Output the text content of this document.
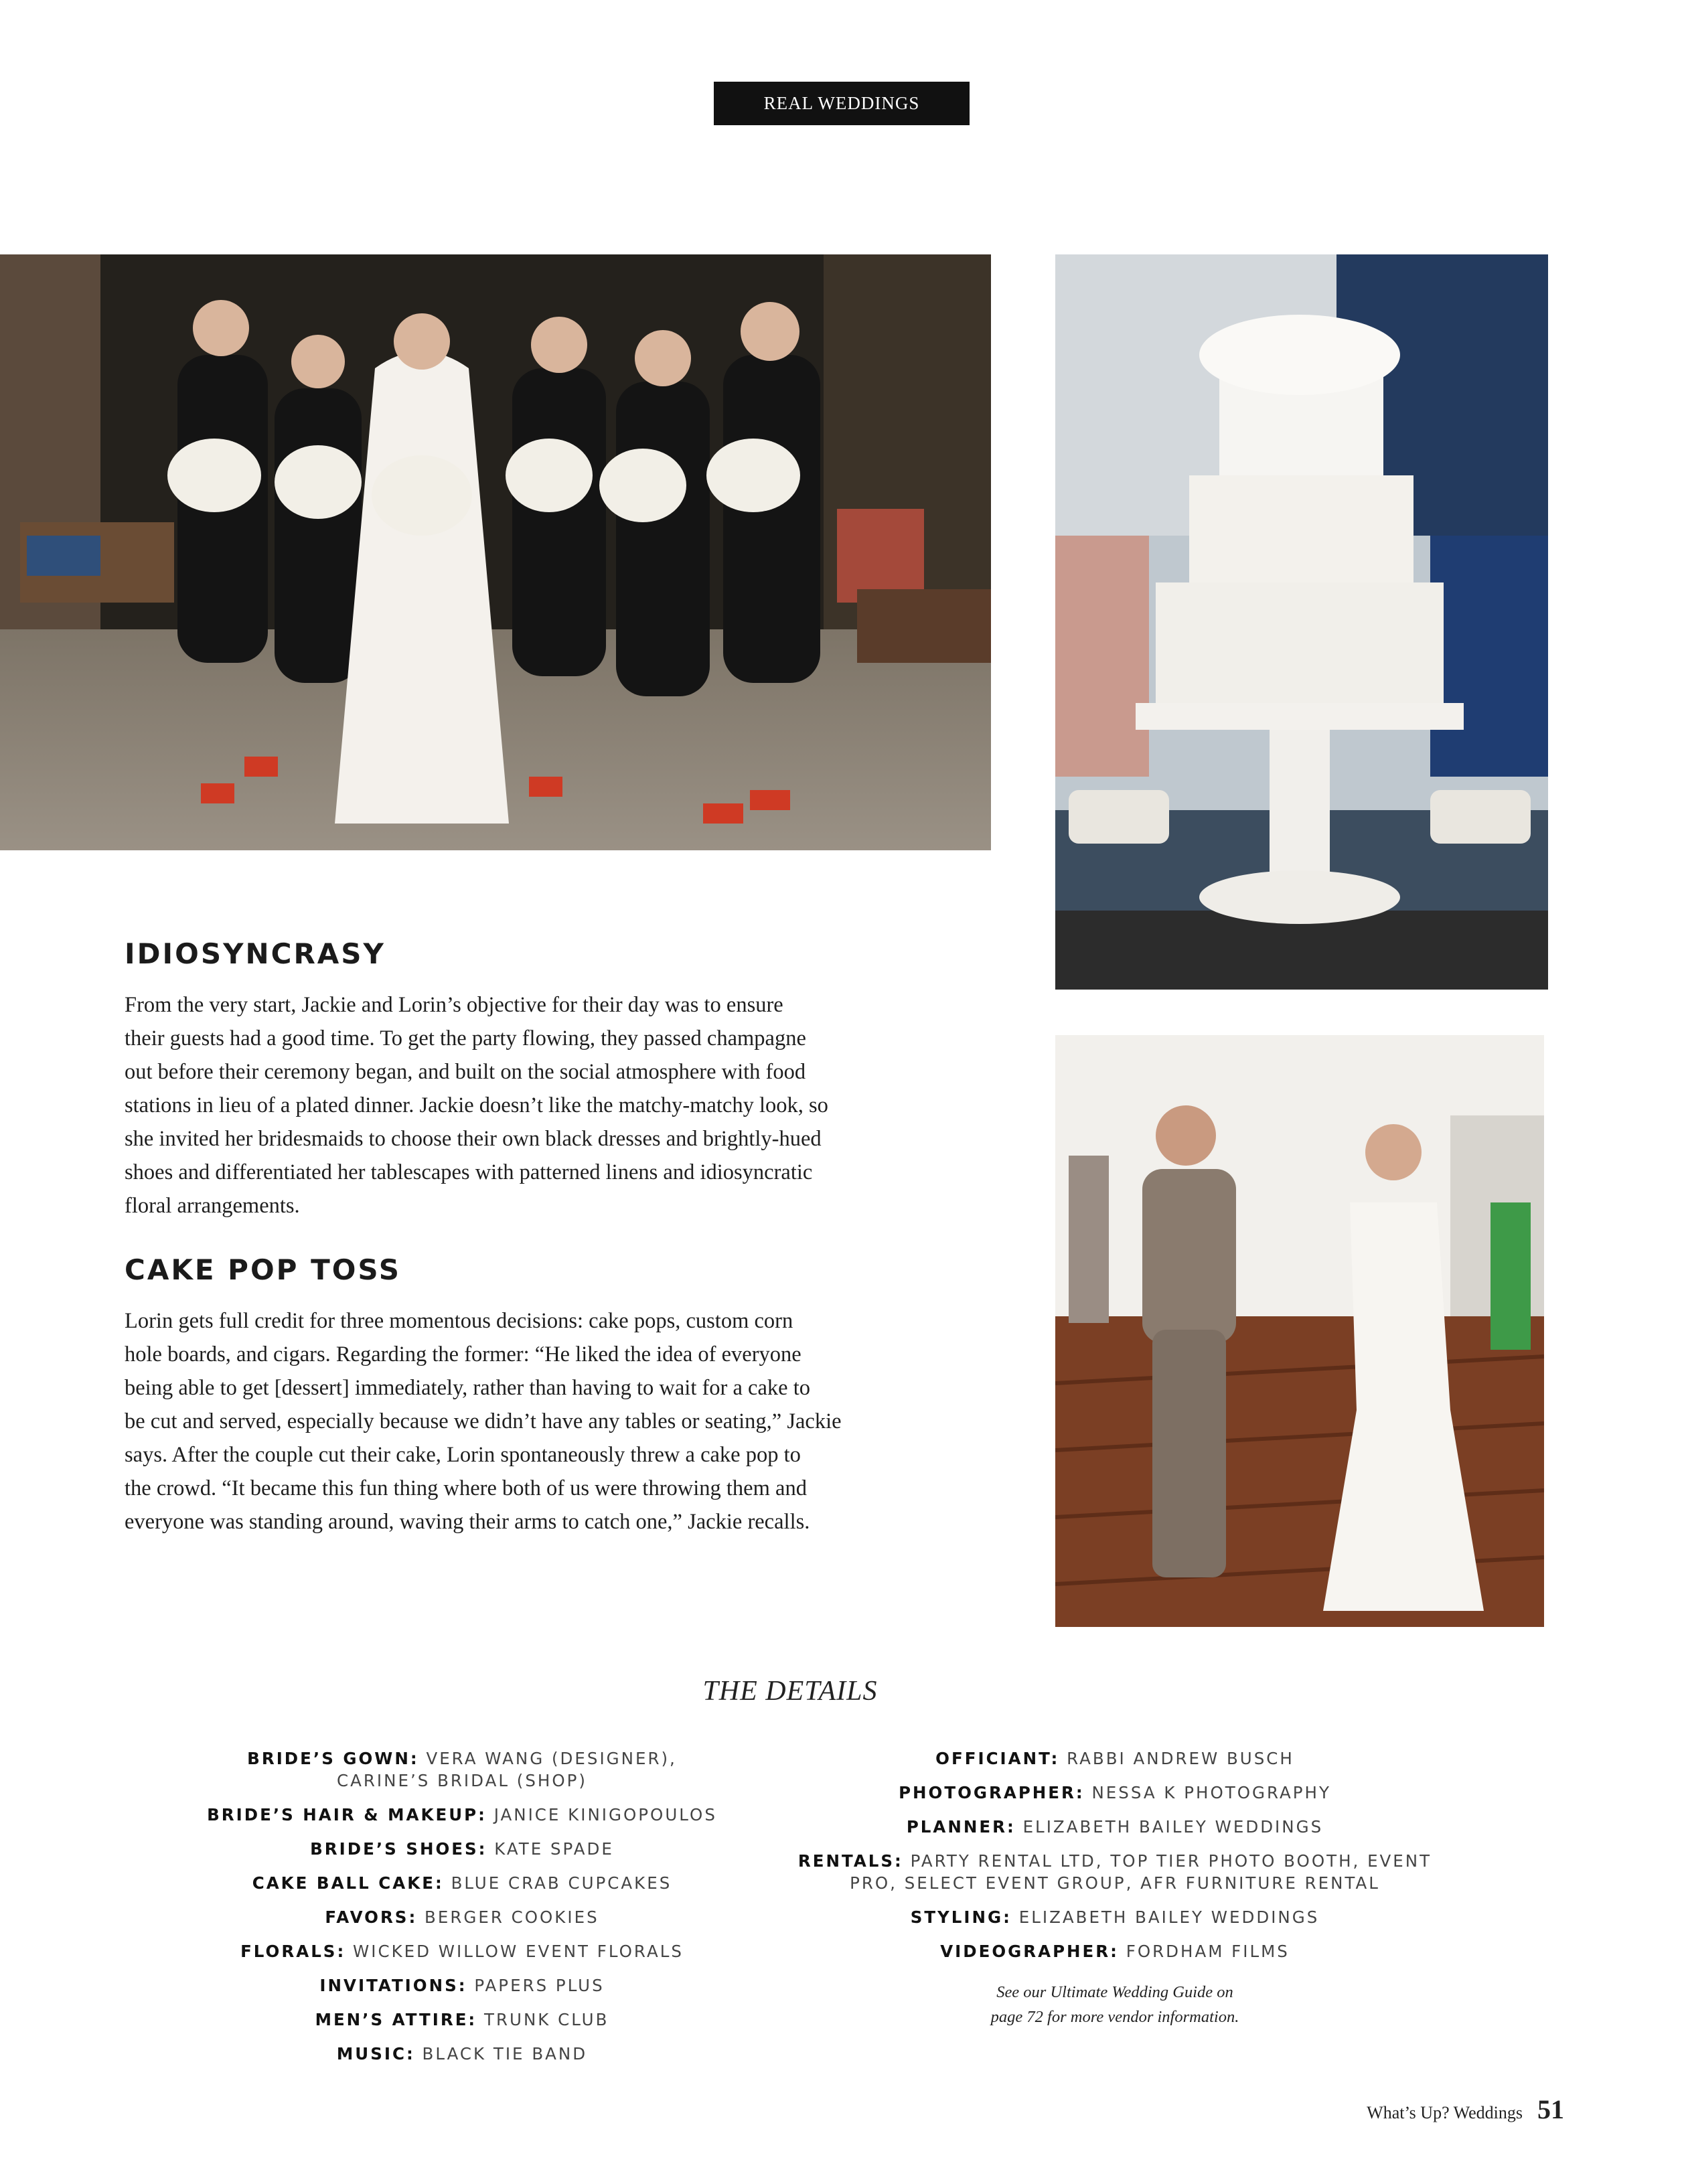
REAL WEDDINGS
IDIOSYNCRASY
From the very start, Jackie and Lorin’s objective for their day was to ensure
their guests had a good time. To get the party flowing, they passed champagne
out before their ceremony began, and built on the social atmosphere with food
stations in lieu of a plated dinner. Jackie doesn’t like the matchy-matchy look, so
she invited her bridesmaids to choose their own black dresses and brightly-hued
shoes and differentiated her tablescapes with patterned linens and idiosyncratic
floral arrangements.
CAKE POP TOSS
Lorin gets full credit for three momentous decisions: cake pops, custom corn
hole boards, and cigars. Regarding the former: “He liked the idea of everyone
being able to get [dessert] immediately, rather than having to wait for a cake to
be cut and served, especially because we didn’t have any tables or seating,” Jackie
says. After the couple cut their cake, Lorin spontaneously threw a cake pop to
the crowd. “It became this fun thing where both of us were throwing them and
everyone was standing around, waving their arms to catch one,” Jackie recalls.
THE DETAILS
BRIDE’S GOWN: VERA WANG (DESIGNER),
CARINE’S BRIDAL (SHOP)
BRIDE’S HAIR & MAKEUP: JANICE KINIGOPOULOS
BRIDE’S SHOES: KATE SPADE
CAKE BALL CAKE: BLUE CRAB CUPCAKES
FAVORS: BERGER COOKIES
FLORALS: WICKED WILLOW EVENT FLORALS
INVITATIONS: PAPERS PLUS
MEN’S ATTIRE: TRUNK CLUB
MUSIC: BLACK TIE BAND
OFFICIANT: RABBI ANDREW BUSCH
PHOTOGRAPHER: NESSA K PHOTOGRAPHY
PLANNER: ELIZABETH BAILEY WEDDINGS
RENTALS: PARTY RENTAL LTD, TOP TIER PHOTO BOOTH, EVENT
PRO, SELECT EVENT GROUP, AFR FURNITURE RENTAL
STYLING: ELIZABETH BAILEY WEDDINGS
VIDEOGRAPHER: FORDHAM FILMS
See our Ultimate Wedding Guide on
page 72 for more vendor information.
What’s Up? Weddings 51
